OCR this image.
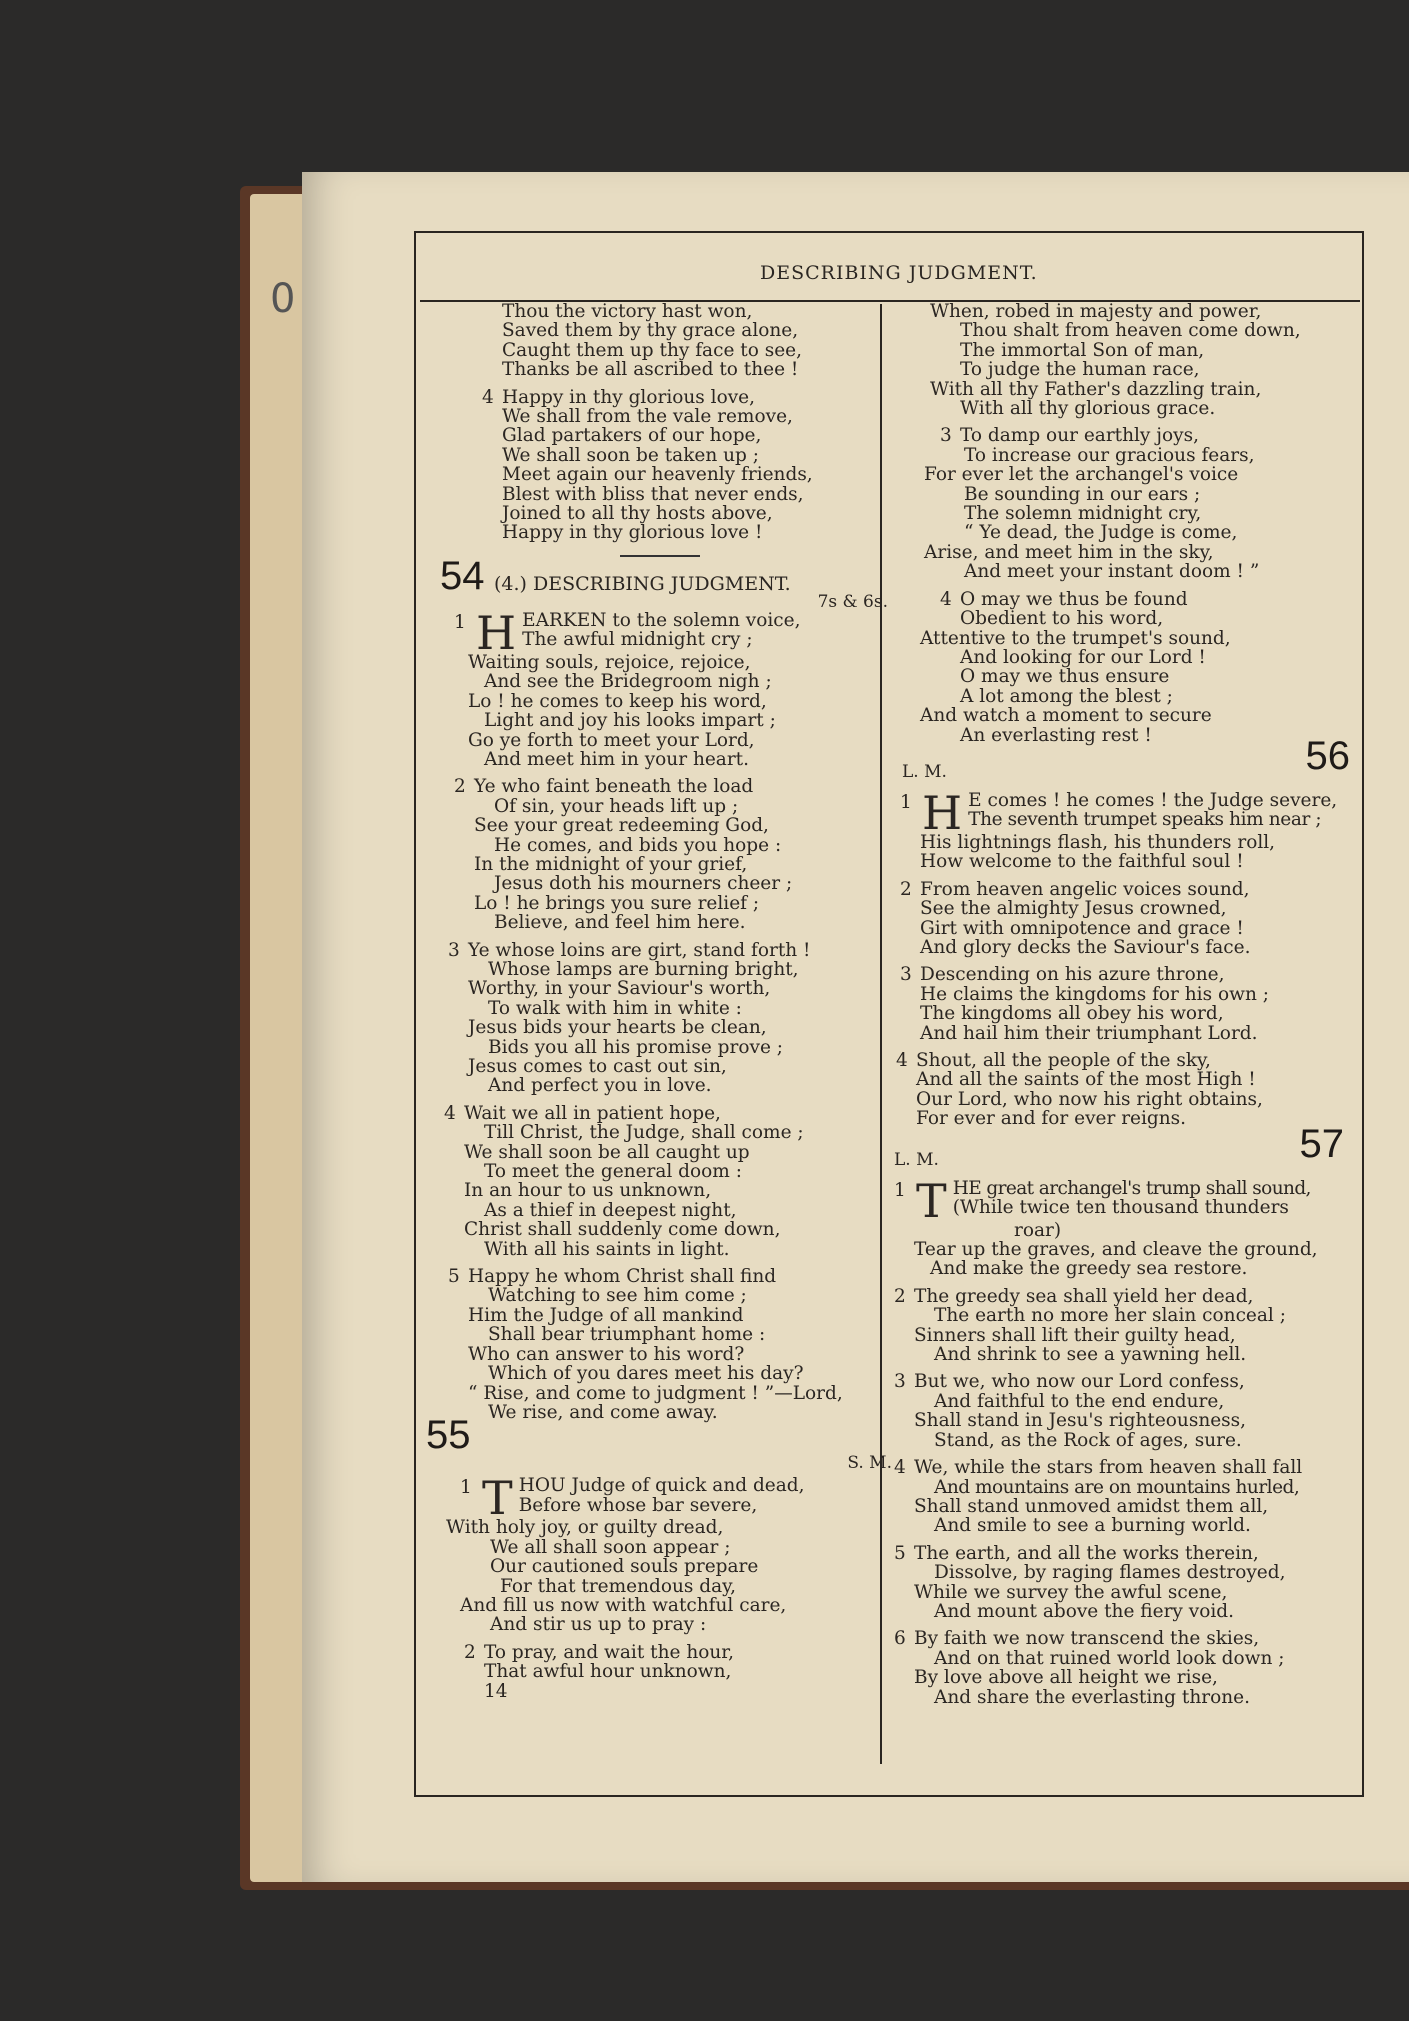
0
DESCRIBING JUDGMENT.
Thou the victory hast won,
Saved them by thy grace alone,
Caught them up thy face to see,
Thanks be all ascribed to thee !
4 Happy in thy glorious love,
We shall from the vale remove,
Glad partakers of our hope,
We shall soon be taken up ;
Meet again our heavenly friends,
Blest with bliss that never ends,
Joined to all thy hosts above,
Happy in thy glorious love !
54 (4.) DESCRIBING JUDGMENT.
7s & 6s.
1 H EARKEN to the solemn voice,
The awful midnight cry ;
Waiting souls, rejoice, rejoice,
And see the Bridegroom nigh ;
Lo ! he comes to keep his word,
Light and joy his looks impart ;
Go ye forth to meet your Lord,
And meet him in your heart.
2 Ye who faint beneath the load
Of sin, your heads lift up ;
See your great redeeming God,
He comes, and bids you hope :
In the midnight of your grief,
Jesus doth his mourners cheer ;
Lo ! he brings you sure relief ;
Believe, and feel him here.
3 Ye whose loins are girt, stand forth !
Whose lamps are burning bright,
Worthy, in your Saviour's worth,
To walk with him in white :
Jesus bids your hearts be clean,
Bids you all his promise prove ;
Jesus comes to cast out sin,
And perfect you in love.
4 Wait we all in patient hope,
Till Christ, the Judge, shall come ;
We shall soon be all caught up
To meet the general doom :
In an hour to us unknown,
As a thief in deepest night,
Christ shall suddenly come down,
With all his saints in light.
5 Happy he whom Christ shall find
Watching to see him come ;
Him the Judge of all mankind
Shall bear triumphant home :
Who can answer to his word?
Which of you dares meet his day?
“ Rise, and come to judgment ! ”—Lord,
We rise, and come away.
55
S. M.
1 T HOU Judge of quick and dead,
Before whose bar severe,
With holy joy, or guilty dread,
We all shall soon appear ;
Our cautioned souls prepare
For that tremendous day,
And fill us now with watchful care,
And stir us up to pray :
2 To pray, and wait the hour,
That awful hour unknown,
14
When, robed in majesty and power,
Thou shalt from heaven come down,
The immortal Son of man,
To judge the human race,
With all thy Father's dazzling train,
With all thy glorious grace.
3 To damp our earthly joys,
To increase our gracious fears,
For ever let the archangel's voice
Be sounding in our ears ;
The solemn midnight cry,
“ Ye dead, the Judge is come,
Arise, and meet him in the sky,
And meet your instant doom ! ”
4 O may we thus be found
Obedient to his word,
Attentive to the trumpet's sound,
And looking for our Lord !
O may we thus ensure
A lot among the blest ;
And watch a moment to secure
An everlasting rest !
L. M.	56
1 H E comes ! he comes ! the Judge severe,
The seventh trumpet speaks him near ;
His lightnings flash, his thunders roll,
How welcome to the faithful soul !
2 From heaven angelic voices sound,
See the almighty Jesus crowned,
Girt with omnipotence and grace !
And glory decks the Saviour's face.
3 Descending on his azure throne,
He claims the kingdoms for his own ;
The kingdoms all obey his word,
And hail him their triumphant Lord.
4 Shout, all the people of the sky,
And all the saints of the most High !
Our Lord, who now his right obtains,
For ever and for ever reigns.
L. M.	57
1 T HE great archangel's trump shall sound,
(While twice ten thousand thunders
roar)
Tear up the graves, and cleave the ground,
And make the greedy sea restore.
2 The greedy sea shall yield her dead,
The earth no more her slain conceal ;
Sinners shall lift their guilty head,
And shrink to see a yawning hell.
3 But we, who now our Lord confess,
And faithful to the end endure,
Shall stand in Jesu's righteousness,
Stand, as the Rock of ages, sure.
4 We, while the stars from heaven shall fall
And mountains are on mountains hurled,
Shall stand unmoved amidst them all,
And smile to see a burning world.
5 The earth, and all the works therein,
Dissolve, by raging flames destroyed,
While we survey the awful scene,
And mount above the fiery void.
6 By faith we now transcend the skies,
And on that ruined world look down ;
By love above all height we rise,
And share the everlasting throne.
